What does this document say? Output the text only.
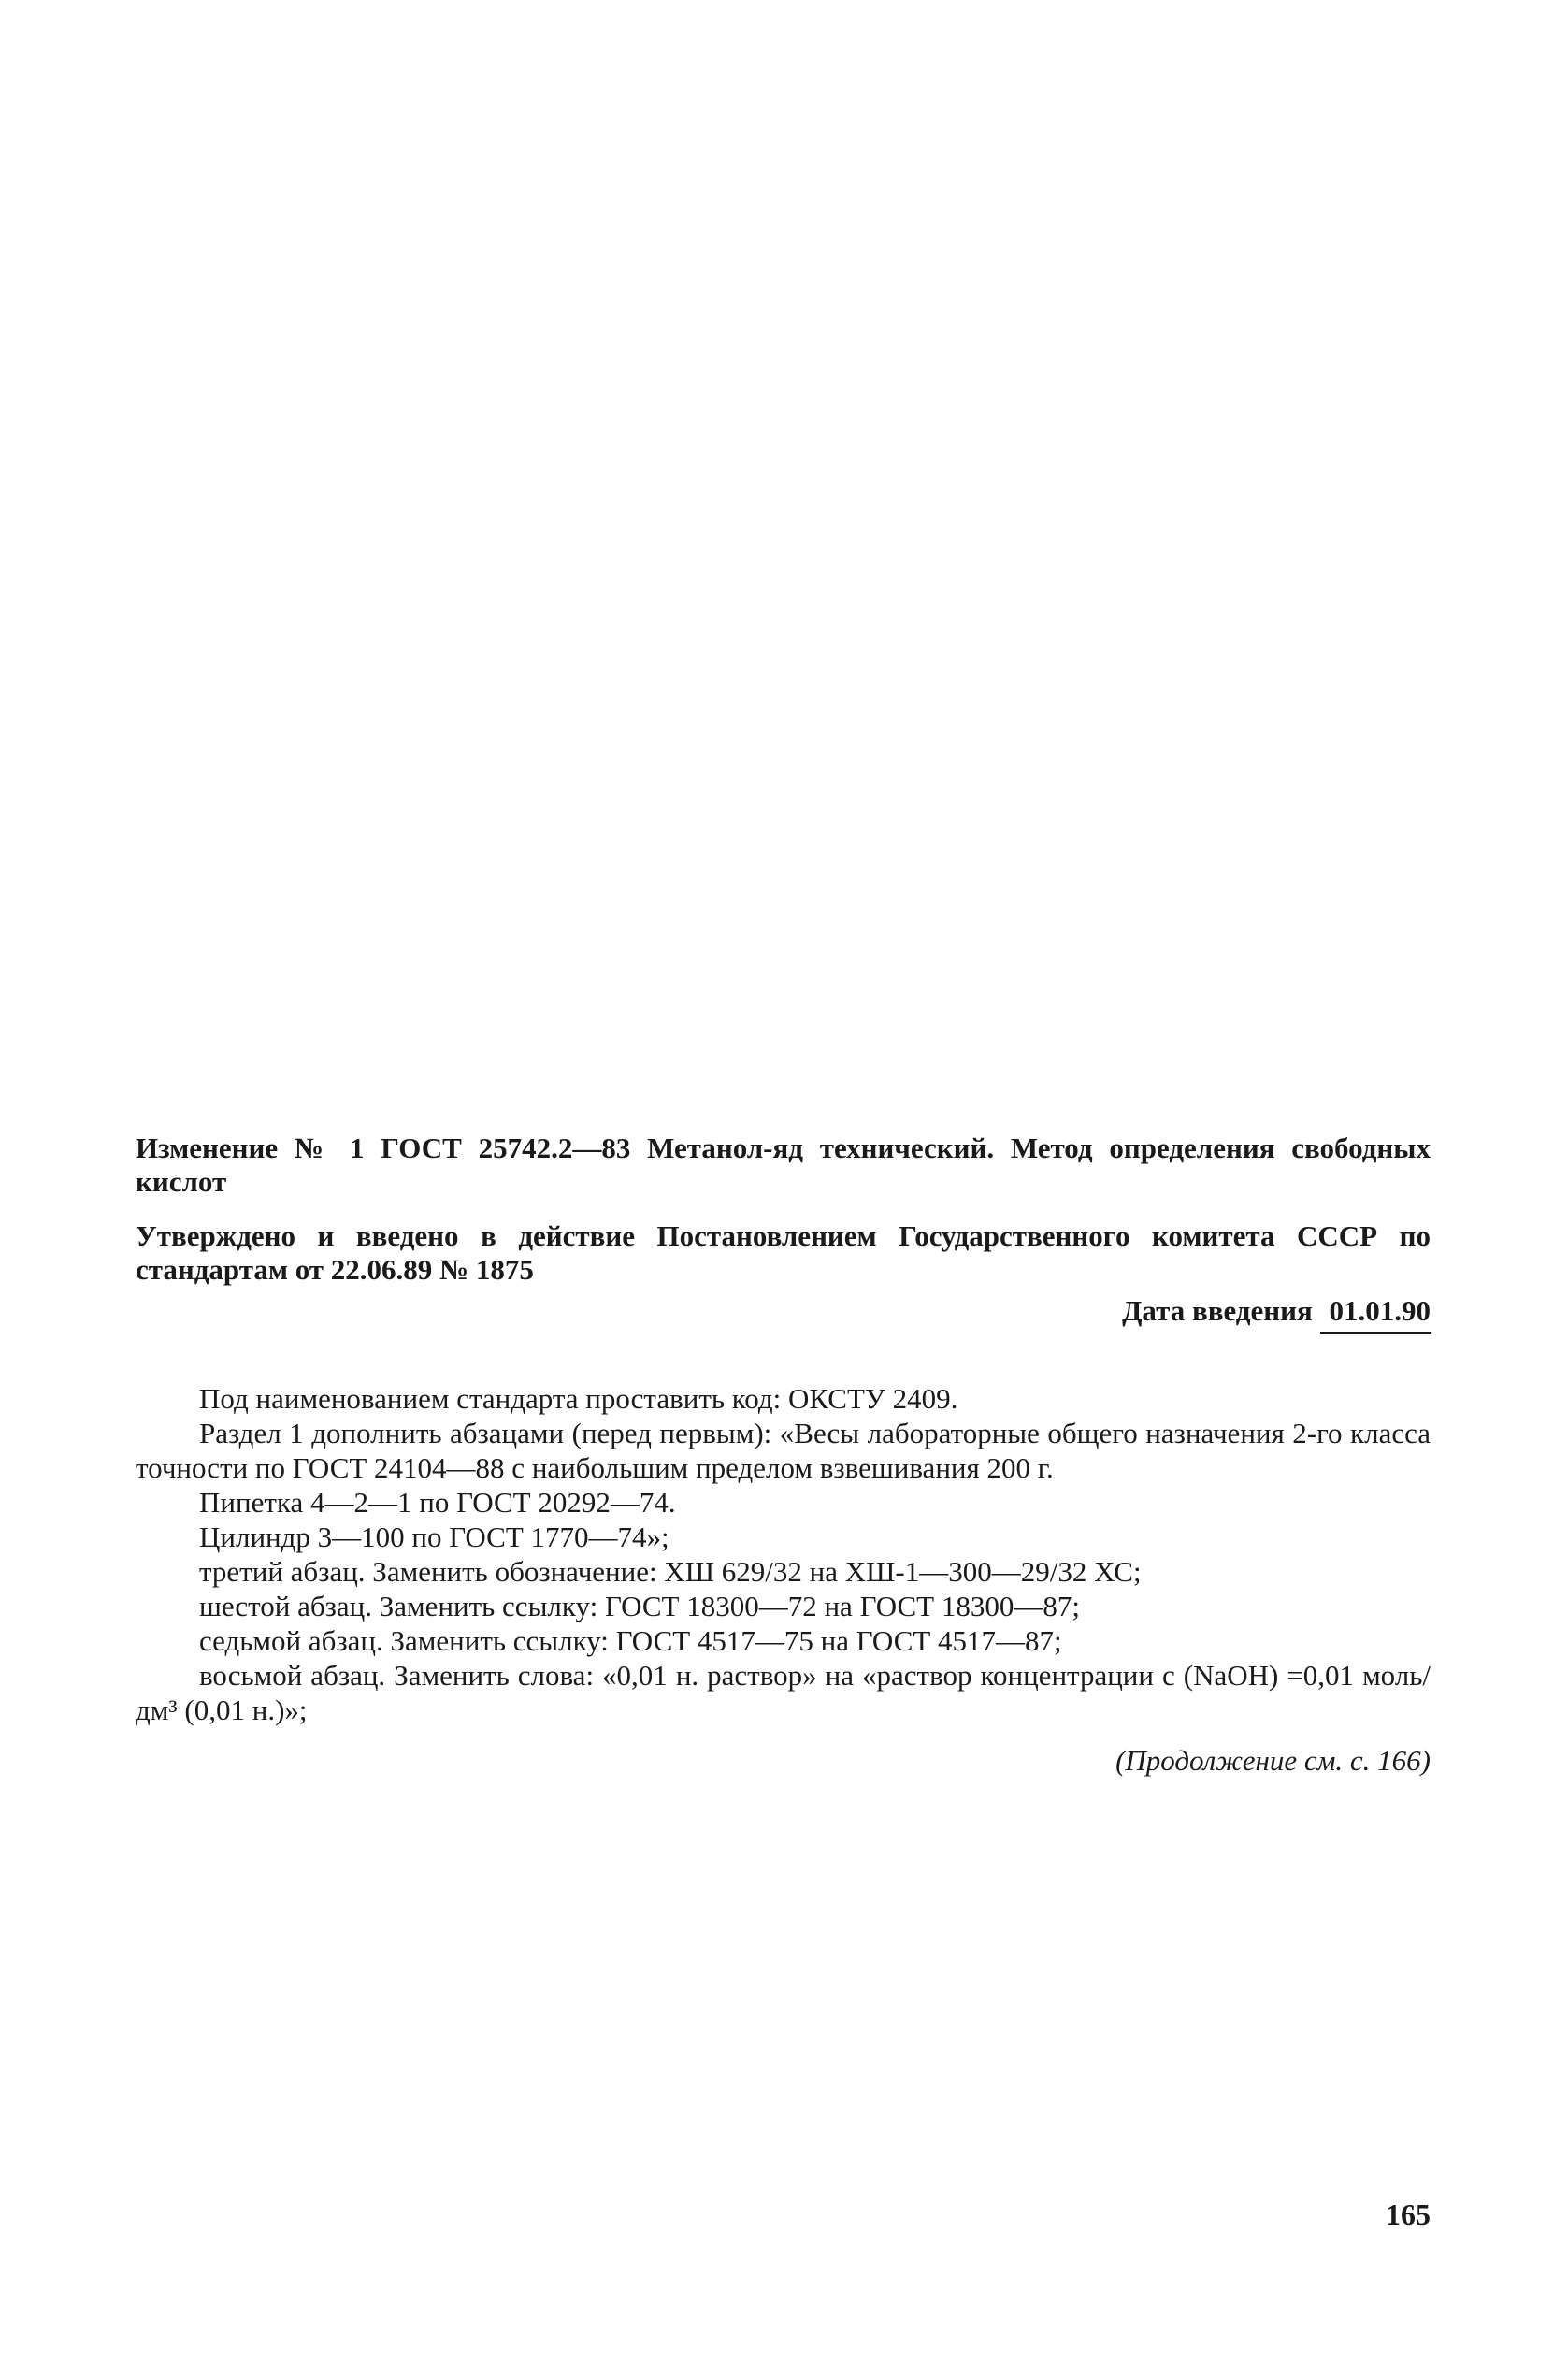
Изменение № 1 ГОСТ 25742.2—83 Метанол-яд технический. Метод определения свободных кислот

Утверждено и введено в действие Постановлением Государственного комитета СССР по стандартам от 22.06.89 № 1875

Дата введения 01.01.90

Под наименованием стандарта проставить код: ОКСТУ 2409.

Раздел 1 дополнить абзацами (перед первым): «Весы лабораторные общего назначения 2-го класса точности по ГОСТ 24104—88 с наибольшим пределом взвешивания 200 г.

Пипетка 4—2—1 по ГОСТ 20292—74.

Цилиндр 3—100 по ГОСТ 1770—74»;

третий абзац. Заменить обозначение: ХШ 629/32 на ХШ-1—300—29/32 ХС;

шестой абзац. Заменить ссылку: ГОСТ 18300—72 на ГОСТ 18300—87;

седьмой абзац. Заменить ссылку: ГОСТ 4517—75 на ГОСТ 4517—87;

восьмой абзац. Заменить слова: «0,01 н. раствор» на «раствор концентрации c (NaOH) =0,01 моль/дм³ (0,01 н.)»;

(Продолжение см. с. 166)

165
